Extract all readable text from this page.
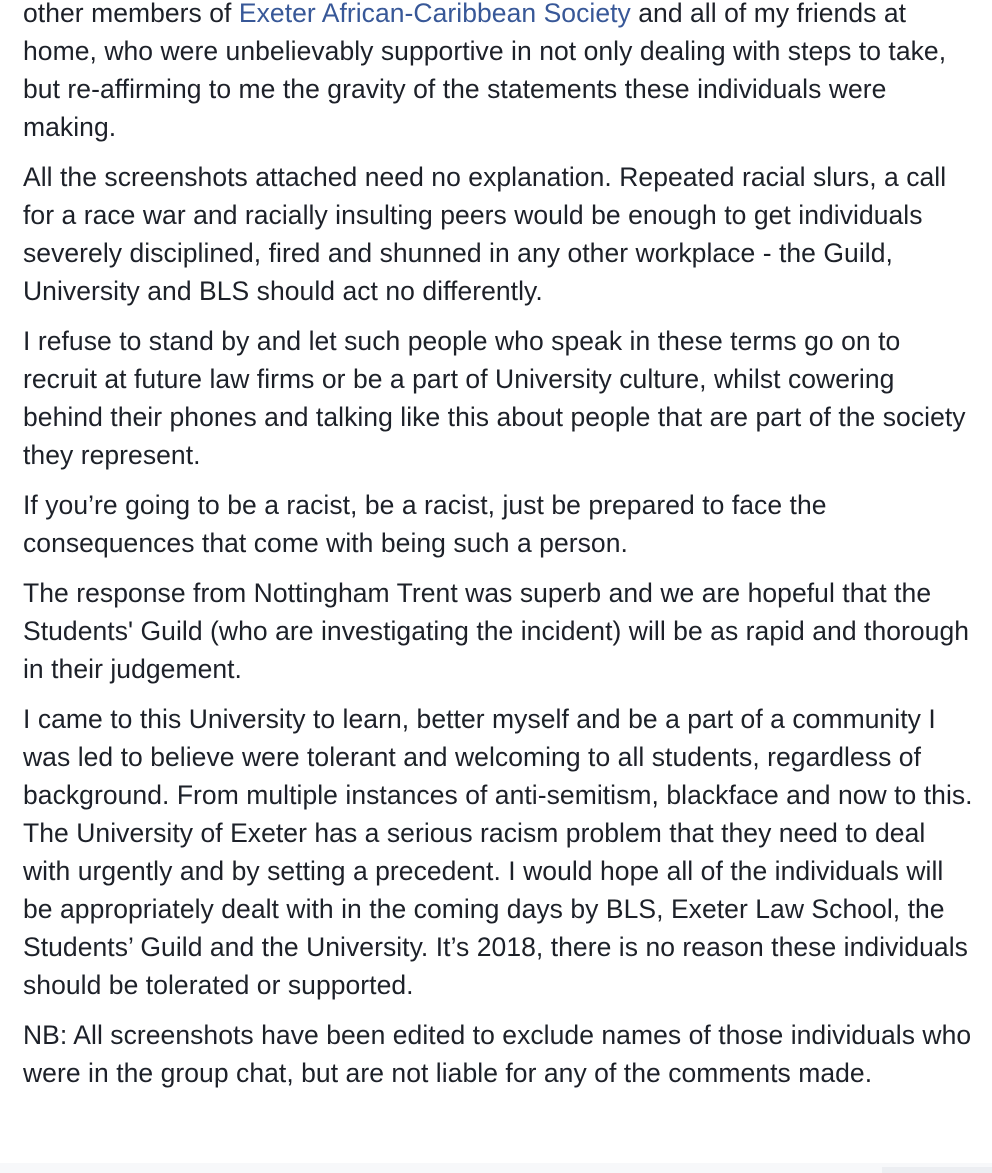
other members of Exeter African-Caribbean Society and all of my friends at home, who were unbelievably supportive in not only dealing with steps to take, but re-affirming to me the gravity of the statements these individuals were making.

All the screenshots attached need no explanation. Repeated racial slurs, a call for a race war and racially insulting peers would be enough to get individuals severely disciplined, fired and shunned in any other workplace - the Guild, University and BLS should act no differently.

I refuse to stand by and let such people who speak in these terms go on to recruit at future law firms or be a part of University culture, whilst cowering behind their phones and talking like this about people that are part of the society they represent.

If you’re going to be a racist, be a racist, just be prepared to face the consequences that come with being such a person.

The response from Nottingham Trent was superb and we are hopeful that the Students' Guild (who are investigating the incident) will be as rapid and thorough in their judgement.

I came to this University to learn, better myself and be a part of a community I was led to believe were tolerant and welcoming to all students, regardless of background. From multiple instances of anti-semitism, blackface and now to this. The University of Exeter has a serious racism problem that they need to deal with urgently and by setting a precedent. I would hope all of the individuals will be appropriately dealt with in the coming days by BLS, Exeter Law School, the Students’ Guild and the University. It’s 2018, there is no reason these individuals should be tolerated or supported.

NB: All screenshots have been edited to exclude names of those individuals who were in the group chat, but are not liable for any of the comments made.
